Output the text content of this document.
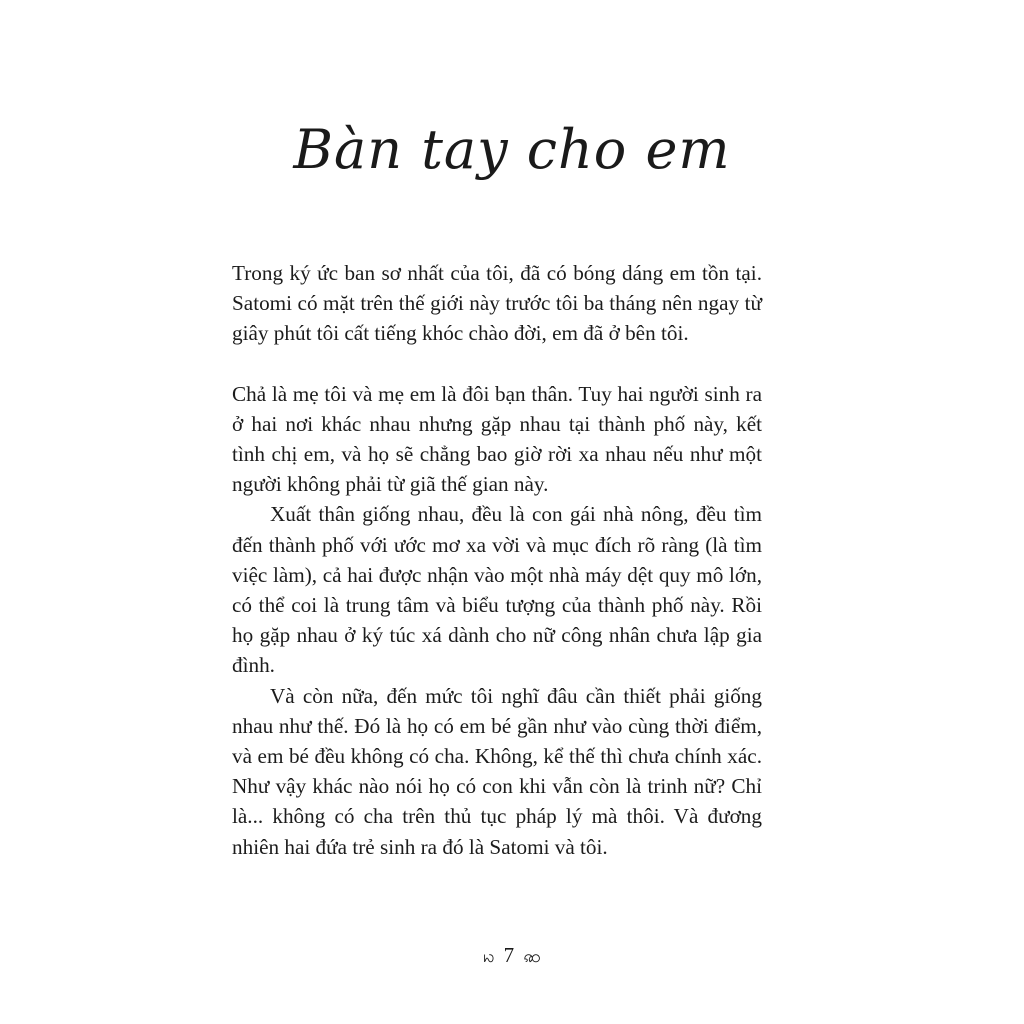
Bàn tay cho em

Trong ký ức ban sơ nhất của tôi, đã có bóng dáng em tồn tại. Satomi có mặt trên thế giới này trước tôi ba tháng nên ngay từ giây phút tôi cất tiếng khóc chào đời, em đã ở bên tôi.

Chả là mẹ tôi và mẹ em là đôi bạn thân. Tuy hai người sinh ra ở hai nơi khác nhau nhưng gặp nhau tại thành phố này, kết tình chị em, và họ sẽ chẳng bao giờ rời xa nhau nếu như một người không phải từ giã thế gian này.

Xuất thân giống nhau, đều là con gái nhà nông, đều tìm đến thành phố với ước mơ xa vời và mục đích rõ ràng (là tìm việc làm), cả hai được nhận vào một nhà máy dệt quy mô lớn, có thể coi là trung tâm và biểu tượng của thành phố này. Rồi họ gặp nhau ở ký túc xá dành cho nữ công nhân chưa lập gia đình.

Và còn nữa, đến mức tôi nghĩ đâu cần thiết phải giống nhau như thế. Đó là họ có em bé gần như vào cùng thời điểm, và em bé đều không có cha. Không, kể thế thì chưa chính xác. Như vậy khác nào nói họ có con khi vẫn còn là trinh nữ? Chỉ là... không có cha trên thủ tục pháp lý mà thôi. Và đương nhiên hai đứa trẻ sinh ra đó là Satomi và tôi.

ꩢ 7 ꩣ
